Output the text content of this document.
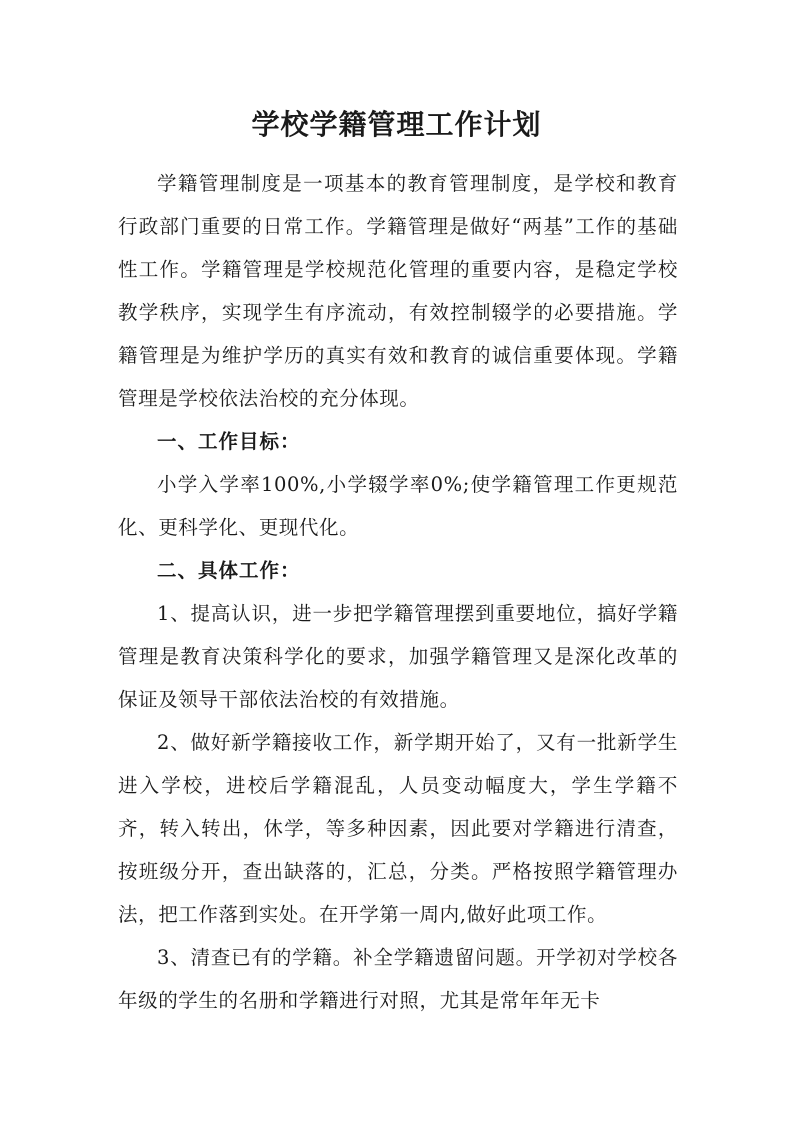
学校学籍管理工作计划

学籍管理制度是一项基本的教育管理制度，是学校和教育行政部门重要的日常工作。学籍管理是做好“两基”工作的基础性工作。学籍管理是学校规范化管理的重要内容，是稳定学校教学秩序，实现学生有序流动，有效控制辍学的必要措施。学籍管理是为维护学历的真实有效和教育的诚信重要体现。学籍管理是学校依法治校的充分体现。

一、工作目标：

小学入学率100%,小学辍学率0%;使学籍管理工作更规范化、更科学化、更现代化。

二、具体工作：

1、提高认识，进一步把学籍管理摆到重要地位，搞好学籍管理是教育决策科学化的要求，加强学籍管理又是深化改革的保证及领导干部依法治校的有效措施。

2、做好新学籍接收工作，新学期开始了，又有一批新学生进入学校，进校后学籍混乱，人员变动幅度大，学生学籍不齐，转入转出，休学，等多种因素，因此要对学籍进行清查，按班级分开，查出缺落的，汇总，分类。严格按照学籍管理办法，把工作落到实处。在开学第一周内,做好此项工作。

3、清查已有的学籍。补全学籍遗留问题。开学初对学校各年级的学生的名册和学籍进行对照，尤其是常年年无卡
